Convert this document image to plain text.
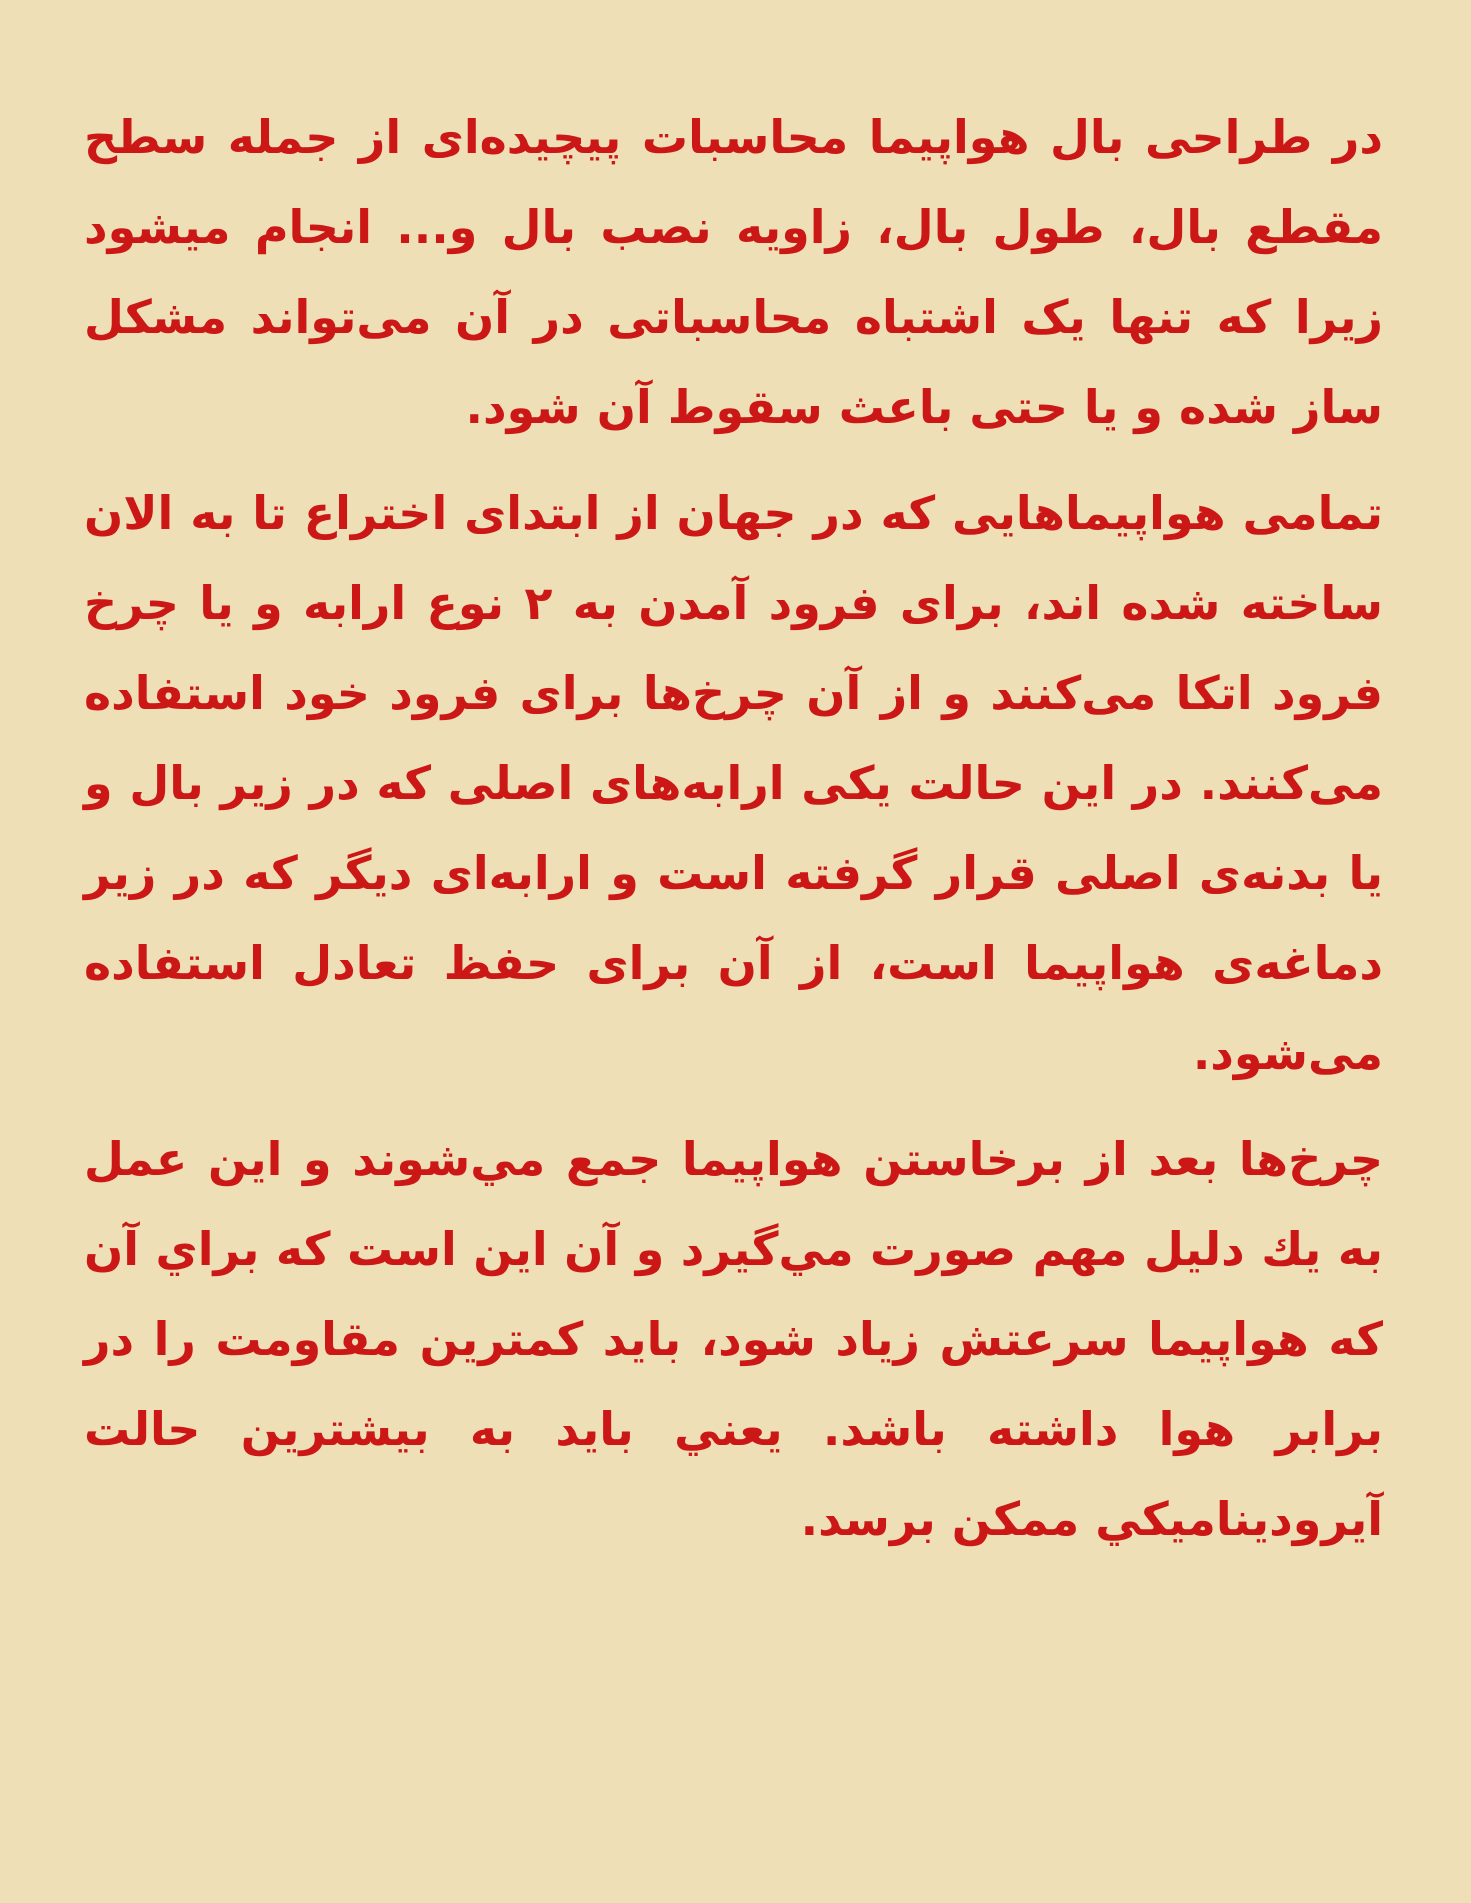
در طراحی بال هواپیما محاسبات پیچیده‌ای از جمله سطح مقطع بال، طول بال، زاویه نصب بال و... انجام میشود زیرا که تنها یک اشتباه محاسباتی در آن می‌تواند مشکل ساز شده و یا حتی باعث سقوط آن شود.

تمامی هواپیماهایی که در جهان از ابتدای اختراع تا به الان ساخته شده اند، برای فرود آمدن به ۲ نوع ارابه و یا چرخ فرود اتکا می‌کنند و از آن چرخ‌ها برای فرود خود استفاده می‌کنند. در این حالت یکی ارابه‌های اصلی که در زیر بال و یا بدنه‌ی اصلی قرار گرفته است و ارابه‌ای دیگر که در زیر دماغه‌ی هواپیما است، از آن برای حفظ تعادل استفاده می‌شود.

چرخ‌ها بعد از برخاستن هواپیما جمع مي‌شوند و این عمل به يك دليل مهم صورت مي‌گيرد و آن این است كه براي آن كه هواپیما سرعتش زیاد شود، بايد كمترين مقاومت را در برابر هوا داشته باشد. يعني بايد به بيشترين حالت آيروديناميكي ممكن برسد.
